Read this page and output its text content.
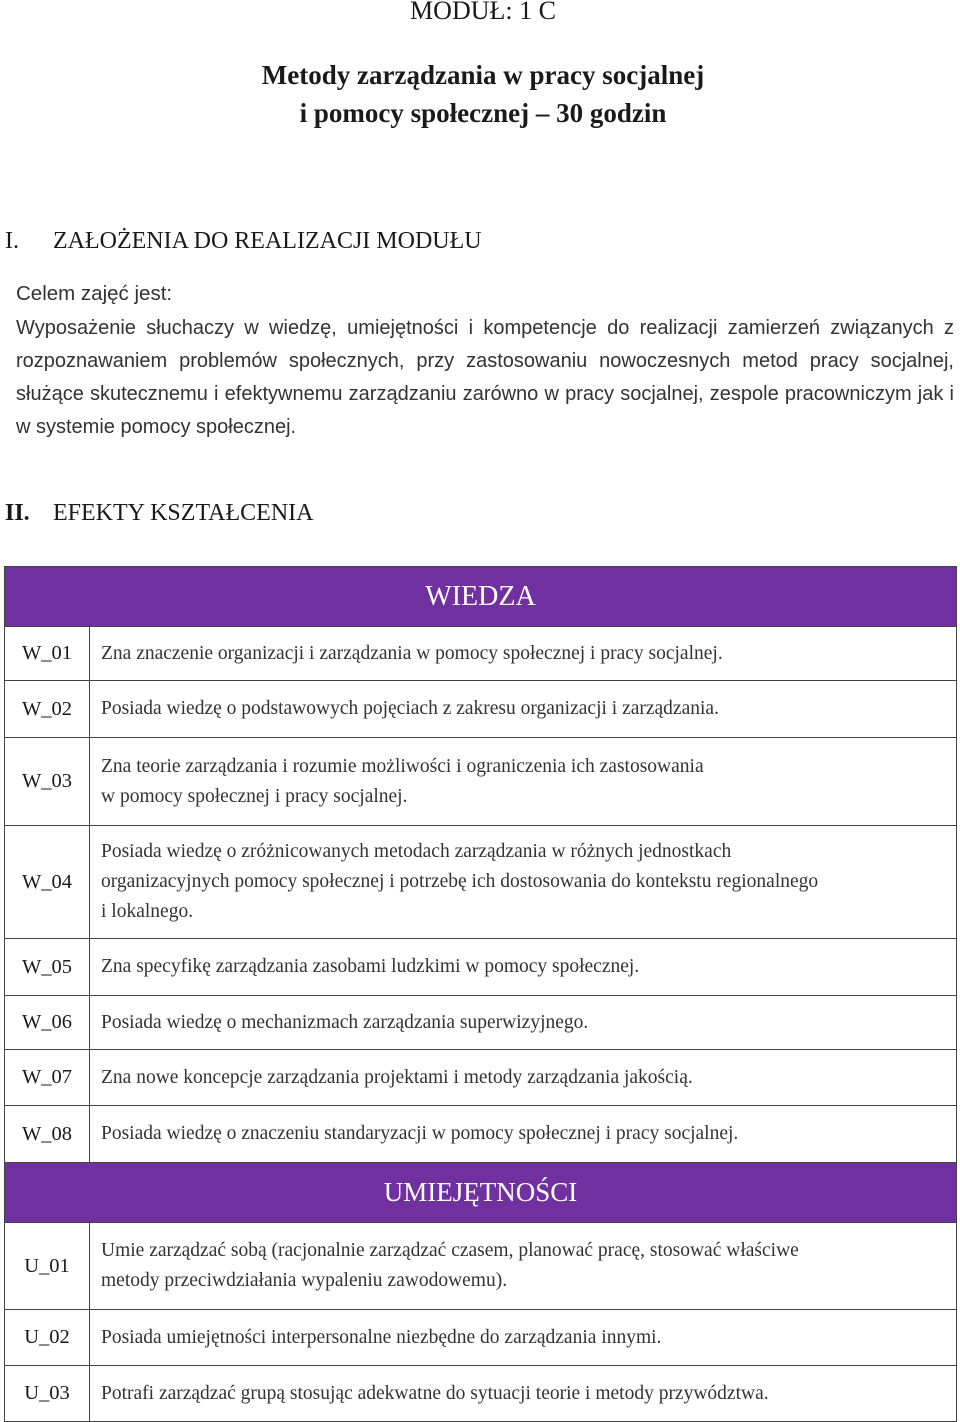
MODUŁ: 1 C
Metody zarządzania w pracy socjalnej
i pomocy społecznej – 30 godzin
I.	ZAŁOŻENIA DO REALIZACJI MODUŁU
Celem zajęć jest:
Wyposażenie słuchaczy w wiedzę, umiejętności i kompetencje do realizacji zamierzeń związanych z rozpoznawaniem problemów społecznych, przy zastosowaniu nowoczesnych metod pracy socjalnej, służące skutecznemu i efektywnemu zarządzaniu zarówno w pracy socjalnej, zespole pracowniczym jak i w systemie pomocy społecznej.
II. EFEKTY KSZTAŁCENIA
WIEDZA	
W_01	Zna znaczenie organizacji i zarządzania w pomocy społecznej i pracy socjalnej.

W_02	Posiada wiedzę o podstawowych pojęciach z zakresu organizacji i zarządzania.

W_03	Zna teorie zarządzania i rozumie możliwości i ograniczenia ich zastosowania
w pomocy społecznej i pracy socjalnej.

W_04	Posiada wiedzę o zróżnicowanych metodach zarządzania w różnych jednostkach
organizacyjnych pomocy społecznej i potrzebę ich dostosowania do kontekstu regionalnego
i lokalnego.

W_05	Zna specyfikę zarządzania zasobami ludzkimi w pomocy społecznej.

W_06	Posiada wiedzę o mechanizmach zarządzania superwizyjnego.

W_07	Zna nowe koncepcje zarządzania projektami i metody zarządzania jakością.

W_08	Posiada wiedzę o znaczeniu standaryzacji w pomocy społecznej i pracy socjalnej.
UMIEJĘTNOŚCI	
U_01	Umie zarządzać sobą (racjonalnie zarządzać czasem, planować pracę, stosować właściwe
metody przeciwdziałania wypaleniu zawodowemu).

U_02	Posiada umiejętności interpersonalne niezbędne do zarządzania innymi.

U_03	Potrafi zarządzać grupą stosując adekwatne do sytuacji teorie i metody przywództwa.
